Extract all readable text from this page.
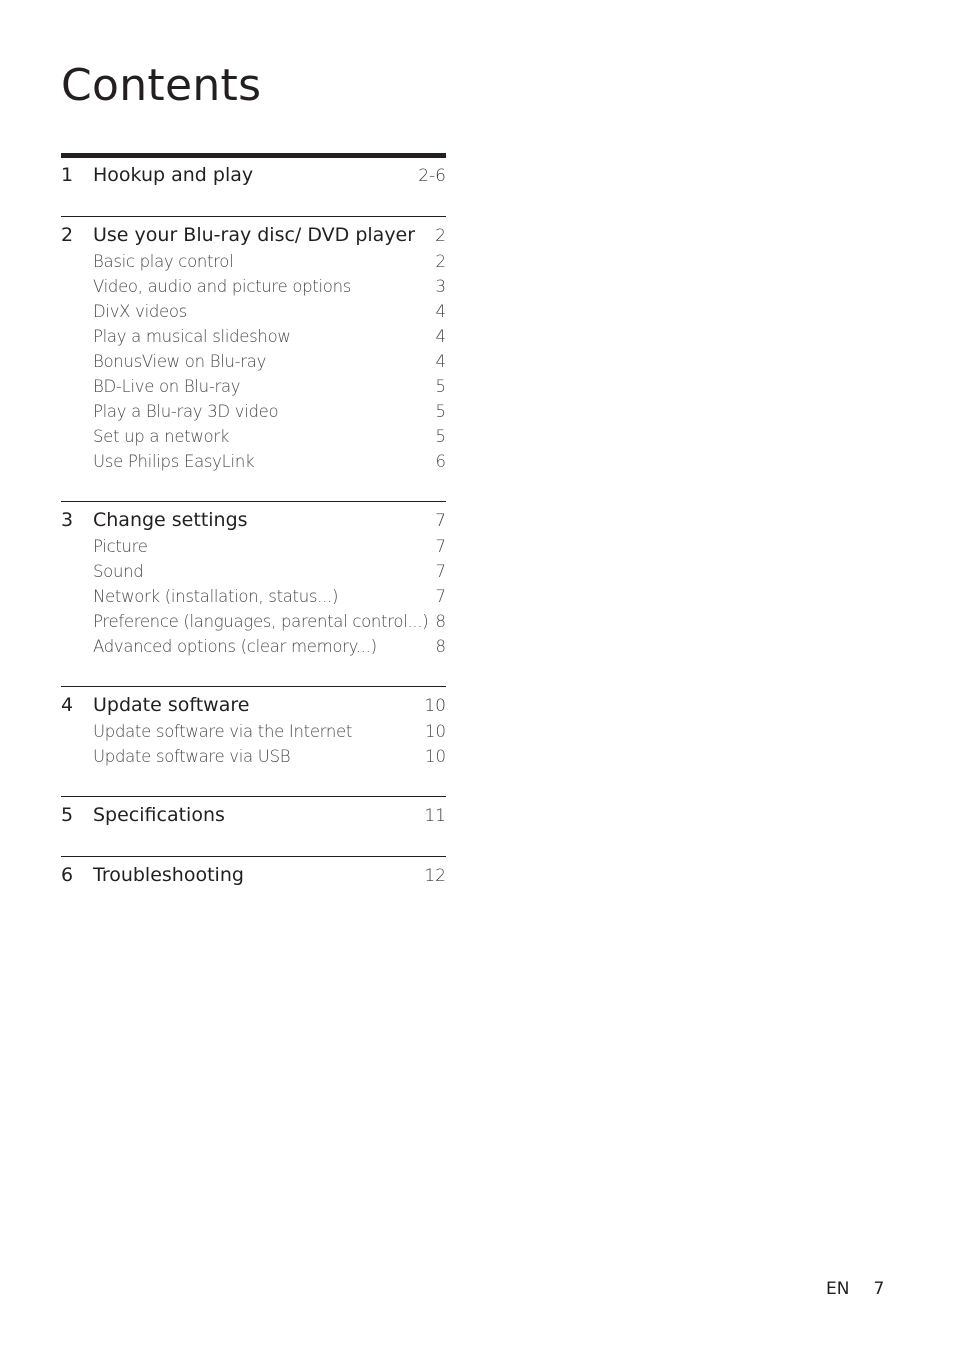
Contents
1	Hookup and play	2-6
2	Use your Blu-ray disc/ DVD player	2
Basic play control	2
Video, audio and picture options	3
DivX videos	4
Play a musical slideshow	4
BonusView on Blu-ray	4
BD-Live on Blu-ray	5
Play a Blu-ray 3D video	5
Set up a network	5
Use Philips EasyLink	6
3	Change settings	7
Picture	7
Sound	7
Network (installation, status...)	7
Preference (languages, parental control...) 8
Advanced options (clear memory...)	8
4	Update software	10
Update software via the Internet	10
Update software via USB	10
5	Specifications	11
6	Troubleshooting	12
EN 7
